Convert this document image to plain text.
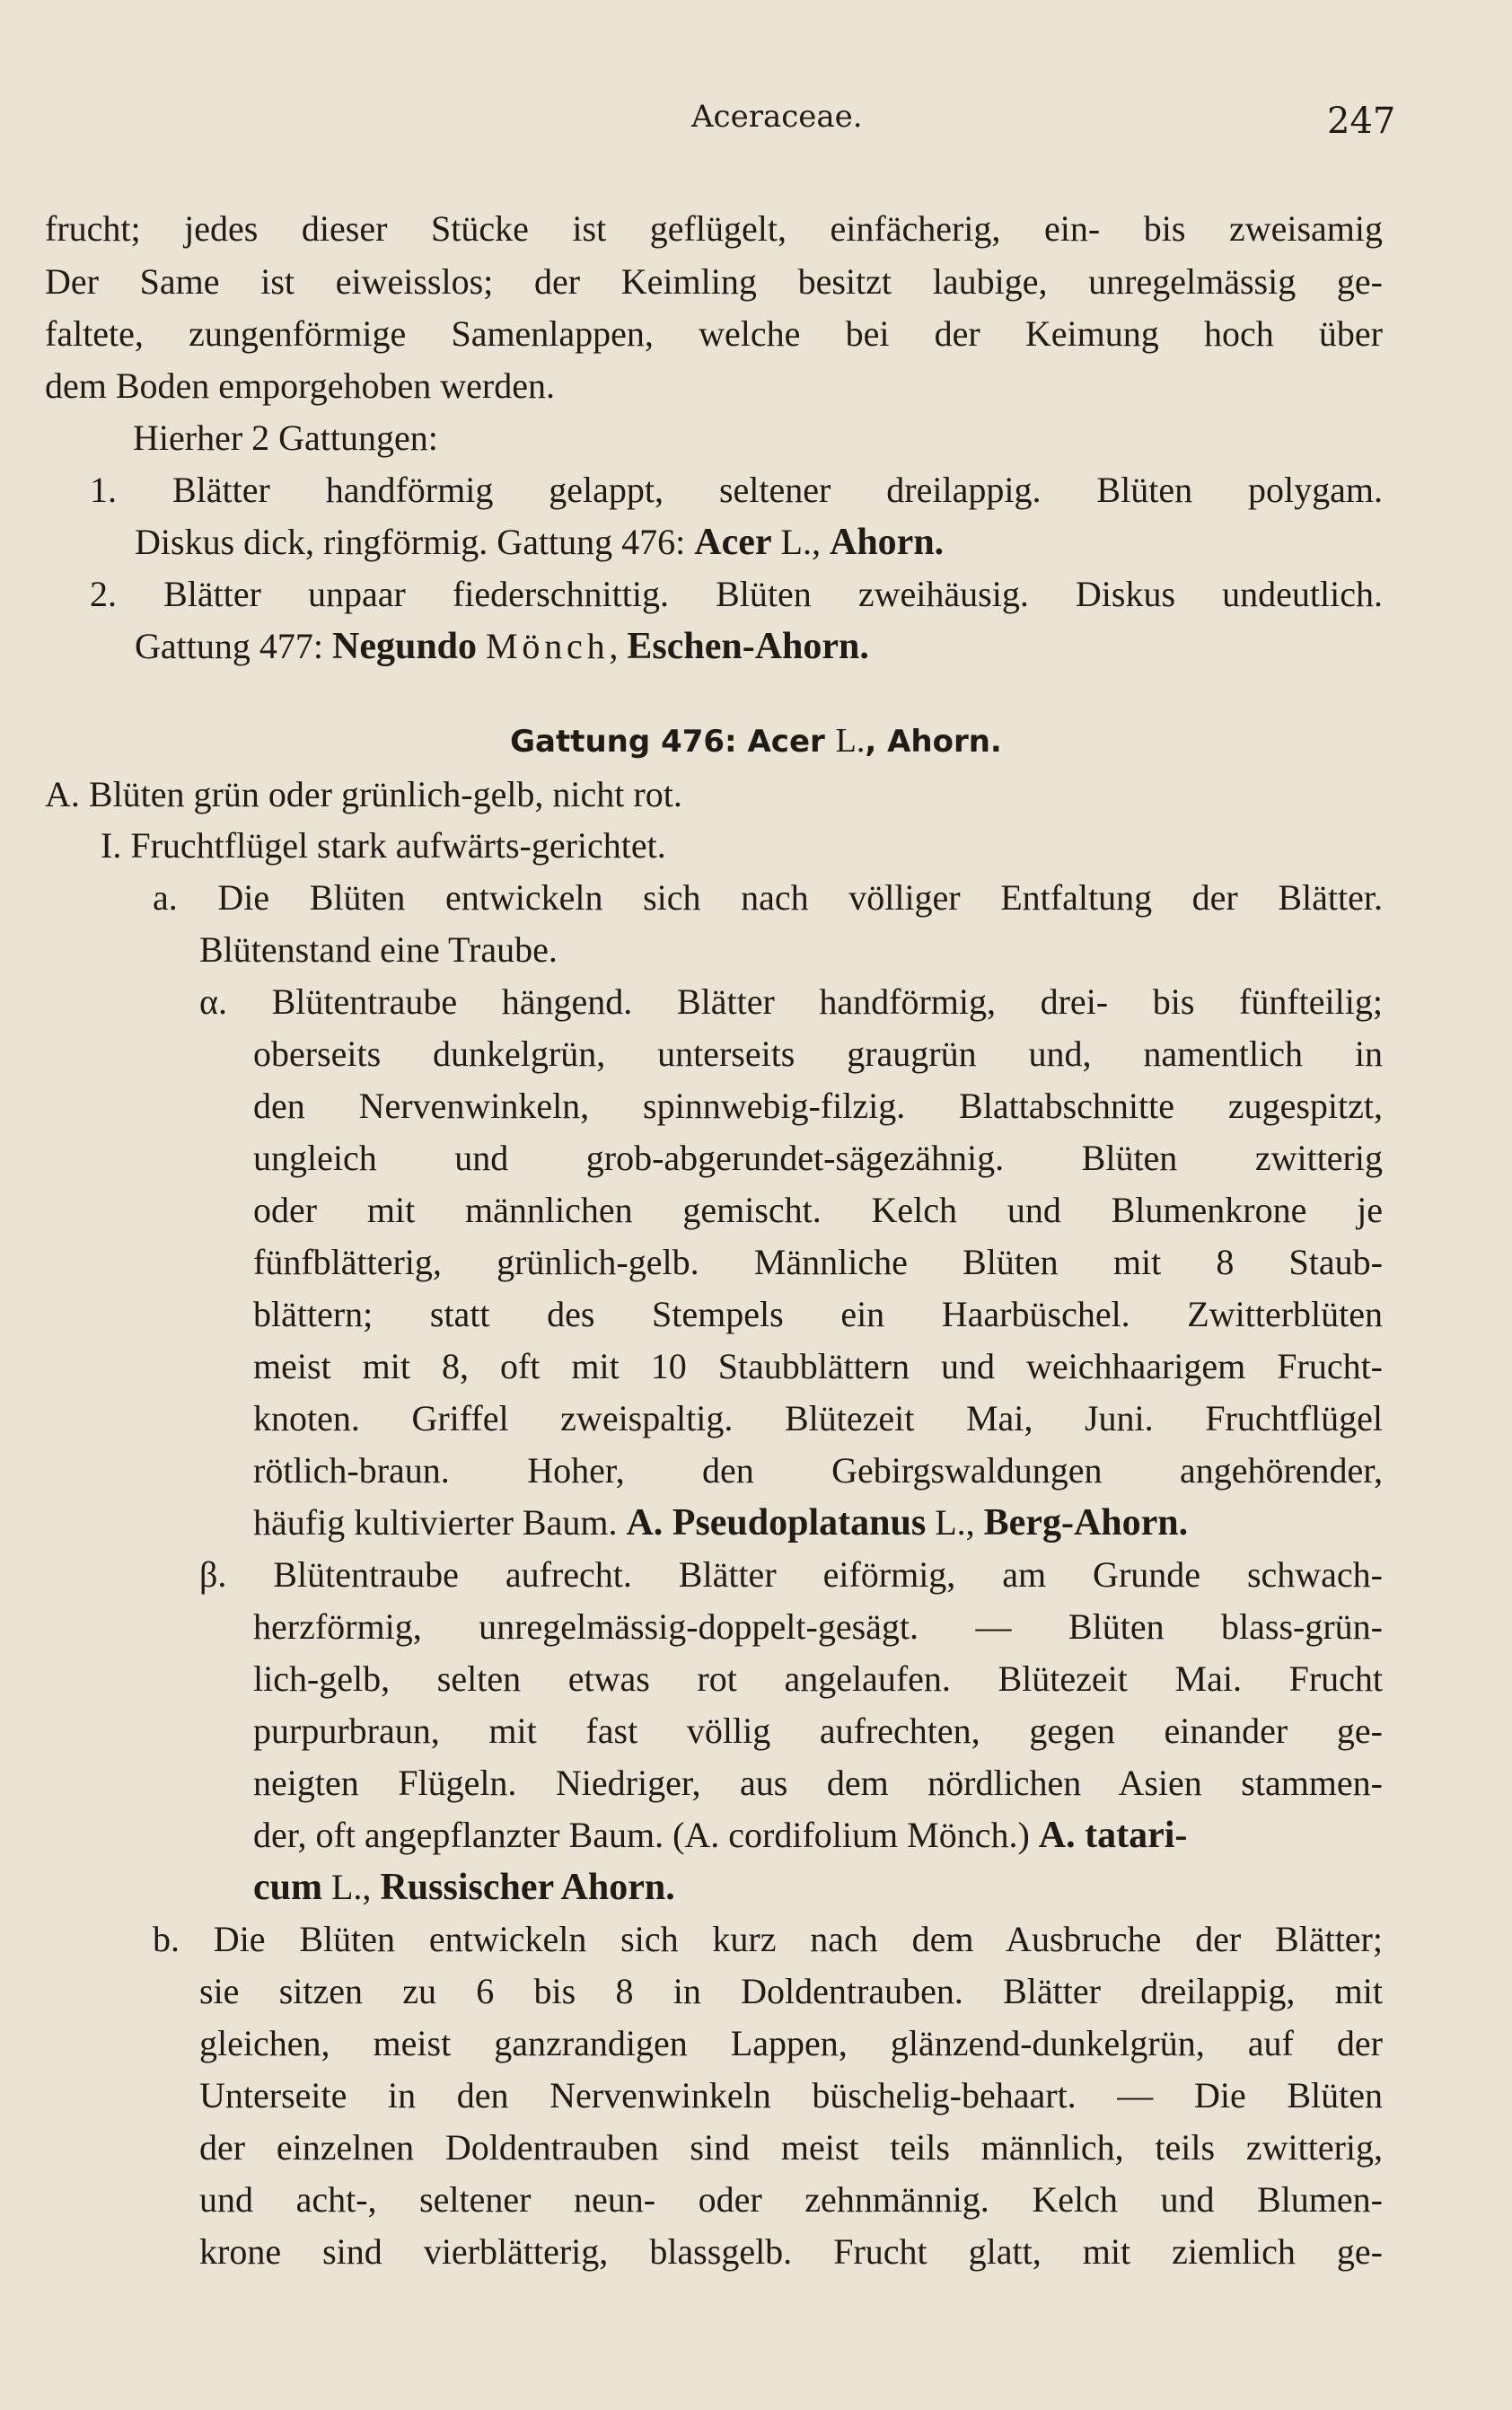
Aceraceae.	247
frucht; jedes dieser Stücke ist geflügelt, einfächerig, ein- bis zweisamig
Der Same ist eiweisslos; der Keimling besitzt laubige, unregelmässig ge-
faltete, zungenförmige Samenlappen, welche bei der Keimung hoch über
dem Boden emporgehoben werden.
Hierher 2 Gattungen:
1. Blätter handförmig gelappt, seltener dreilappig. Blüten polygam.
Diskus dick, ringförmig. Gattung 476: Acer L., Ahorn.
2. Blätter unpaar fiederschnittig. Blüten zweihäusig. Diskus undeutlich.
Gattung 477: Negundo Mönch, Eschen-Ahorn.
Gattung 476: Acer L., Ahorn.
A. Blüten grün oder grünlich-gelb, nicht rot.
I. Fruchtflügel stark aufwärts-gerichtet.
a. Die Blüten entwickeln sich nach völliger Entfaltung der Blätter.
Blütenstand eine Traube.
α. Blütentraube hängend. Blätter handförmig, drei- bis fünfteilig;
oberseits dunkelgrün, unterseits graugrün und, namentlich in
den Nervenwinkeln, spinnwebig-filzig. Blattabschnitte zugespitzt,
ungleich und grob-abgerundet-sägezähnig. Blüten zwitterig
oder mit männlichen gemischt. Kelch und Blumenkrone je
fünfblätterig, grünlich-gelb. Männliche Blüten mit 8 Staub-
blättern; statt des Stempels ein Haarbüschel. Zwitterblüten
meist mit 8, oft mit 10 Staubblättern und weichhaarigem Frucht-
knoten. Griffel zweispaltig. Blütezeit Mai, Juni. Fruchtflügel
rötlich-braun. Hoher, den Gebirgswaldungen angehörender,
häufig kultivierter Baum. A. Pseudoplatanus L., Berg-Ahorn.
β. Blütentraube aufrecht. Blätter eiförmig, am Grunde schwach-
herzförmig, unregelmässig-doppelt-gesägt. — Blüten blass-grün-
lich-gelb, selten etwas rot angelaufen. Blütezeit Mai. Frucht
purpurbraun, mit fast völlig aufrechten, gegen einander ge-
neigten Flügeln. Niedriger, aus dem nördlichen Asien stammen-
der, oft angepflanzter Baum. (A. cordifolium Mönch.) A. tatari-
cum L., Russischer Ahorn.
b. Die Blüten entwickeln sich kurz nach dem Ausbruche der Blätter;
sie sitzen zu 6 bis 8 in Doldentrauben. Blätter dreilappig, mit
gleichen, meist ganzrandigen Lappen, glänzend-dunkelgrün, auf der
Unterseite in den Nervenwinkeln büschelig-behaart. — Die Blüten
der einzelnen Doldentrauben sind meist teils männlich, teils zwitterig,
und acht-, seltener neun- oder zehnmännig. Kelch und Blumen-
krone sind vierblätterig, blassgelb. Frucht glatt, mit ziemlich ge-
